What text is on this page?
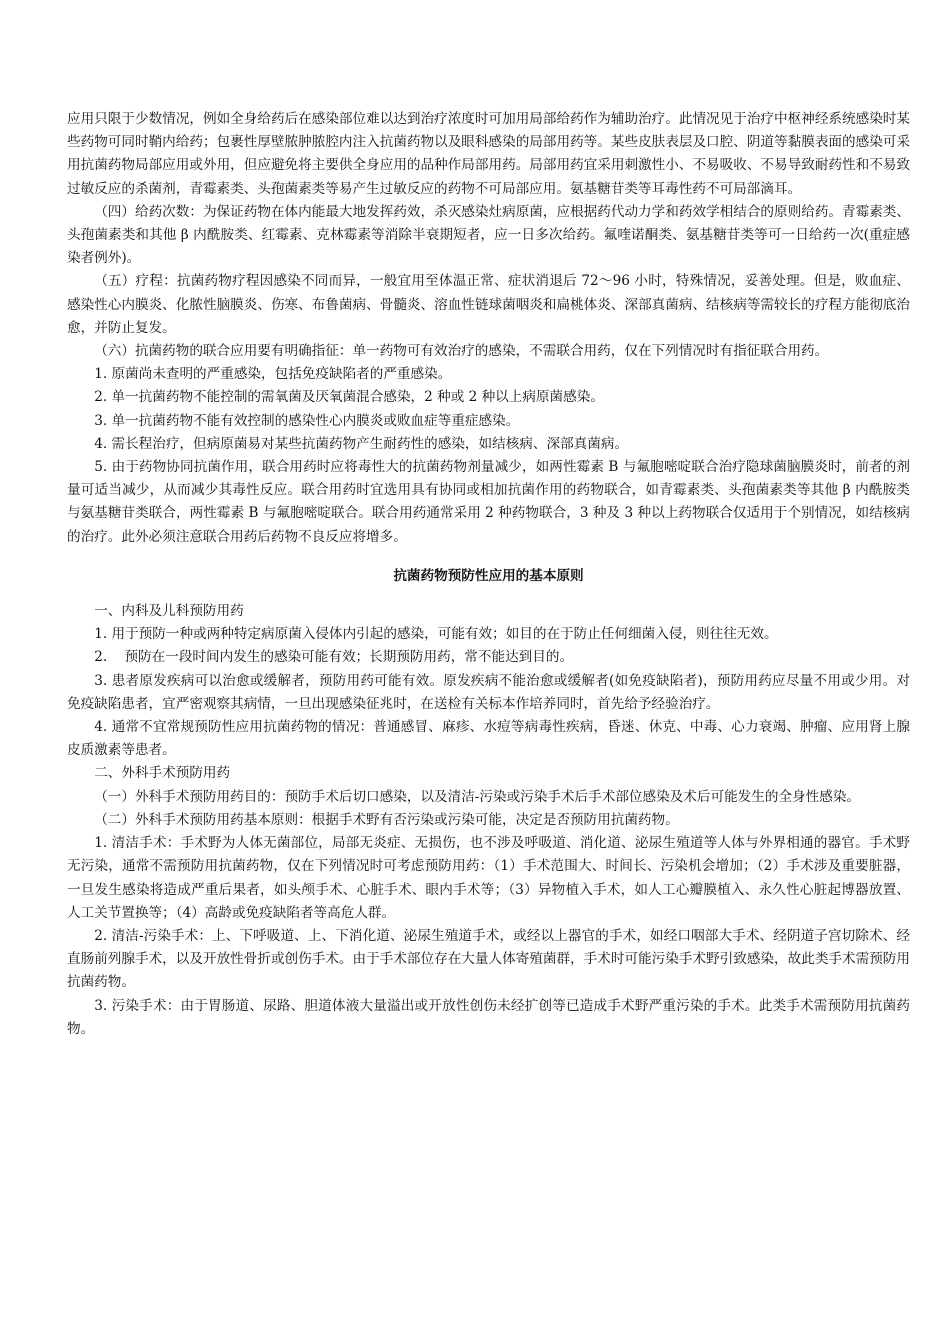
应用只限于少数情况，例如全身给药后在感染部位难以达到治疗浓度时可加用局部给药作为辅助治疗。此情况见于治疗中枢神经系统感染时某些药物可同时鞘内给药；包裹性厚壁脓肿脓腔内注入抗菌药物以及眼科感染的局部用药等。某些皮肤表层及口腔、阴道等黏膜表面的感染可采用抗菌药物局部应用或外用，但应避免将主要供全身应用的品种作局部用药。局部用药宜采用刺激性小、不易吸收、不易导致耐药性和不易致过敏反应的杀菌剂，青霉素类、头孢菌素类等易产生过敏反应的药物不可局部应用。氨基糖苷类等耳毒性药不可局部滴耳。

（四）给药次数：为保证药物在体内能最大地发挥药效，杀灭感染灶病原菌，应根据药代动力学和药效学相结合的原则给药。青霉素类、头孢菌素类和其他 β 内酰胺类、红霉素、克林霉素等消除半衰期短者，应一日多次给药。氟喹诺酮类、氨基糖苷类等可一日给药一次(重症感染者例外)。

（五）疗程：抗菌药物疗程因感染不同而异，一般宜用至体温正常、症状消退后 72～96 小时，特殊情况，妥善处理。但是，败血症、感染性心内膜炎、化脓性脑膜炎、伤寒、布鲁菌病、骨髓炎、溶血性链球菌咽炎和扁桃体炎、深部真菌病、结核病等需较长的疗程方能彻底治愈，并防止复发。

（六）抗菌药物的联合应用要有明确指征：单一药物可有效治疗的感染，不需联合用药，仅在下列情况时有指征联合用药。

1. 原菌尚未查明的严重感染，包括免疫缺陷者的严重感染。

2. 单一抗菌药物不能控制的需氧菌及厌氧菌混合感染，2 种或 2 种以上病原菌感染。

3. 单一抗菌药物不能有效控制的感染性心内膜炎或败血症等重症感染。

4. 需长程治疗，但病原菌易对某些抗菌药物产生耐药性的感染，如结核病、深部真菌病。

5. 由于药物协同抗菌作用，联合用药时应将毒性大的抗菌药物剂量减少，如两性霉素 B 与氟胞嘧啶联合治疗隐球菌脑膜炎时，前者的剂量可适当减少，从而减少其毒性反应。联合用药时宜选用具有协同或相加抗菌作用的药物联合，如青霉素类、头孢菌素类等其他 β 内酰胺类与氨基糖苷类联合，两性霉素 B 与氟胞嘧啶联合。联合用药通常采用 2 种药物联合，3 种及 3 种以上药物联合仅适用于个别情况，如结核病的治疗。此外必须注意联合用药后药物不良反应将增多。

抗菌药物预防性应用的基本原则

一、内科及儿科预防用药

1. 用于预防一种或两种特定病原菌入侵体内引起的感染，可能有效；如目的在于防止任何细菌入侵，则往往无效。

2.    预防在一段时间内发生的感染可能有效；长期预防用药，常不能达到目的。

3. 患者原发疾病可以治愈或缓解者，预防用药可能有效。原发疾病不能治愈或缓解者(如免疫缺陷者)，预防用药应尽量不用或少用。对免疫缺陷患者，宜严密观察其病情，一旦出现感染征兆时，在送检有关标本作培养同时，首先给予经验治疗。

4. 通常不宜常规预防性应用抗菌药物的情况：普通感冒、麻疹、水痘等病毒性疾病，昏迷、休克、中毒、心力衰竭、肿瘤、应用肾上腺皮质激素等患者。

二、外科手术预防用药

（一）外科手术预防用药目的：预防手术后切口感染，以及清洁-污染或污染手术后手术部位感染及术后可能发生的全身性感染。

（二）外科手术预防用药基本原则：根据手术野有否污染或污染可能，决定是否预防用抗菌药物。

1. 清洁手术：手术野为人体无菌部位，局部无炎症、无损伤，也不涉及呼吸道、消化道、泌尿生殖道等人体与外界相通的器官。手术野无污染，通常不需预防用抗菌药物，仅在下列情况时可考虑预防用药：（1）手术范围大、时间长、污染机会增加；（2）手术涉及重要脏器，一旦发生感染将造成严重后果者，如头颅手术、心脏手术、眼内手术等；（3）异物植入手术，如人工心瓣膜植入、永久性心脏起博器放置、人工关节置换等；（4）高龄或免疫缺陷者等高危人群。

2. 清洁-污染手术：上、下呼吸道、上、下消化道、泌尿生殖道手术，或经以上器官的手术，如经口咽部大手术、经阴道子宫切除术、经直肠前列腺手术，以及开放性骨折或创伤手术。由于手术部位存在大量人体寄殖菌群，手术时可能污染手术野引致感染，故此类手术需预防用抗菌药物。

3. 污染手术：由于胃肠道、尿路、胆道体液大量溢出或开放性创伤未经扩创等已造成手术野严重污染的手术。此类手术需预防用抗菌药物。
